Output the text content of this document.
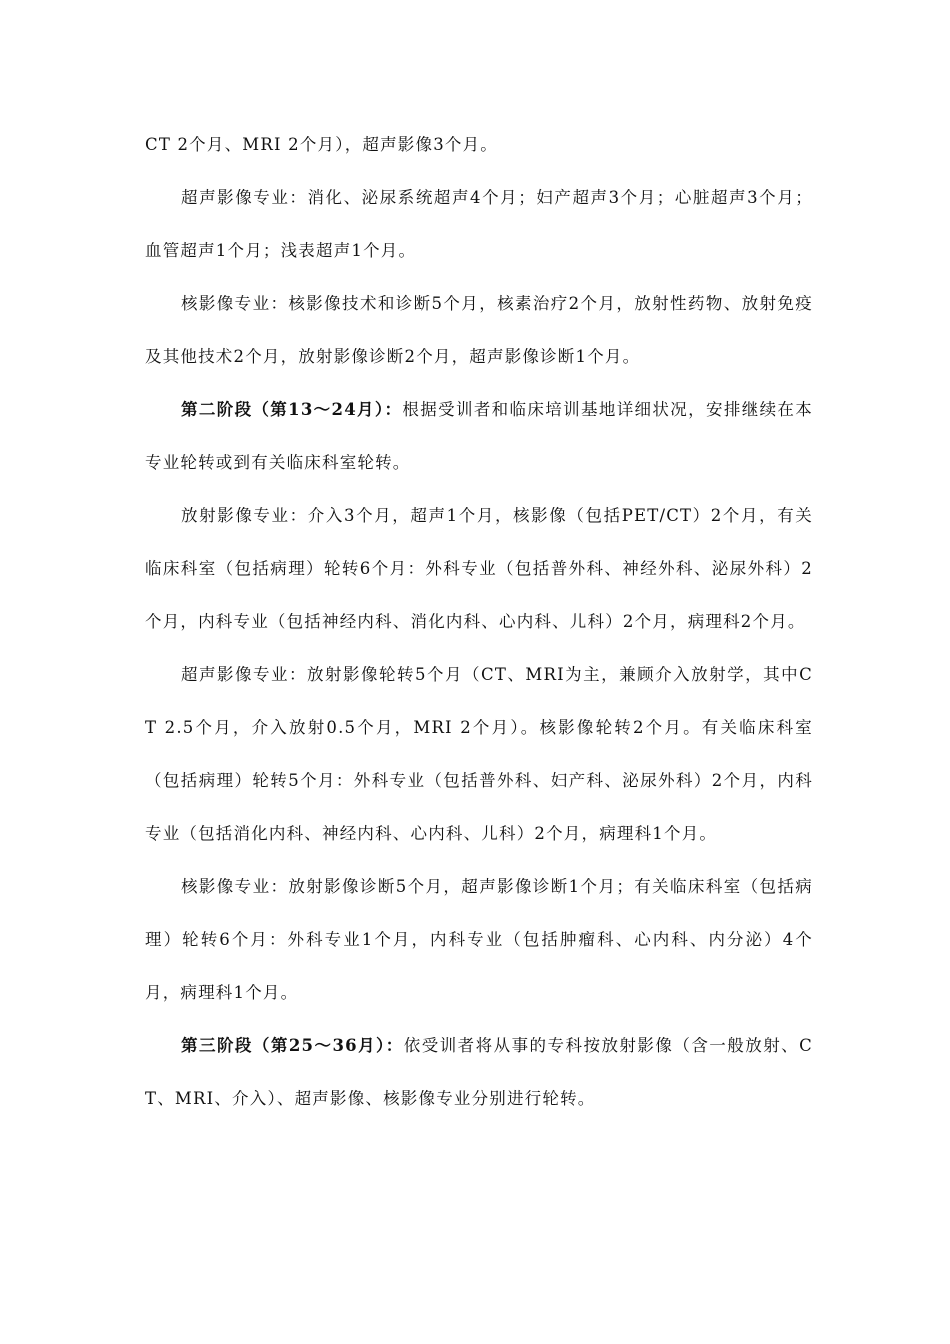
CT 2个月、MRI 2个月），超声影像3个月。

超声影像专业：消化、泌尿系统超声4个月；妇产超声3个月；心脏超声3个月；血管超声1个月；浅表超声1个月。

核影像专业：核影像技术和诊断5个月，核素治疗2个月，放射性药物、放射免疫及其他技术2个月，放射影像诊断2个月，超声影像诊断1个月。

第二阶段（第13～24月）：根据受训者和临床培训基地详细状况，安排继续在本专业轮转或到有关临床科室轮转。

放射影像专业：介入3个月，超声1个月，核影像（包括PET/CT）2个月，有关临床科室（包括病理）轮转6个月：外科专业（包括普外科、神经外科、泌尿外科）2个月，内科专业（包括神经内科、消化内科、心内科、儿科）2个月，病理科2个月。

超声影像专业：放射影像轮转5个月（CT、MRI为主，兼顾介入放射学，其中CT 2.5个月，介入放射0.5个月，MRI 2个月）。核影像轮转2个月。有关临床科室（包括病理）轮转5个月：外科专业（包括普外科、妇产科、泌尿外科）2个月，内科专业（包括消化内科、神经内科、心内科、儿科）2个月，病理科1个月。

核影像专业：放射影像诊断5个月，超声影像诊断1个月；有关临床科室（包括病理）轮转6个月：外科专业1个月，内科专业（包括肿瘤科、心内科、内分泌）4个月，病理科1个月。

第三阶段（第25～36月）：依受训者将从事的专科按放射影像（含一般放射、CT、MRI、介入）、超声影像、核影像专业分别进行轮转。
